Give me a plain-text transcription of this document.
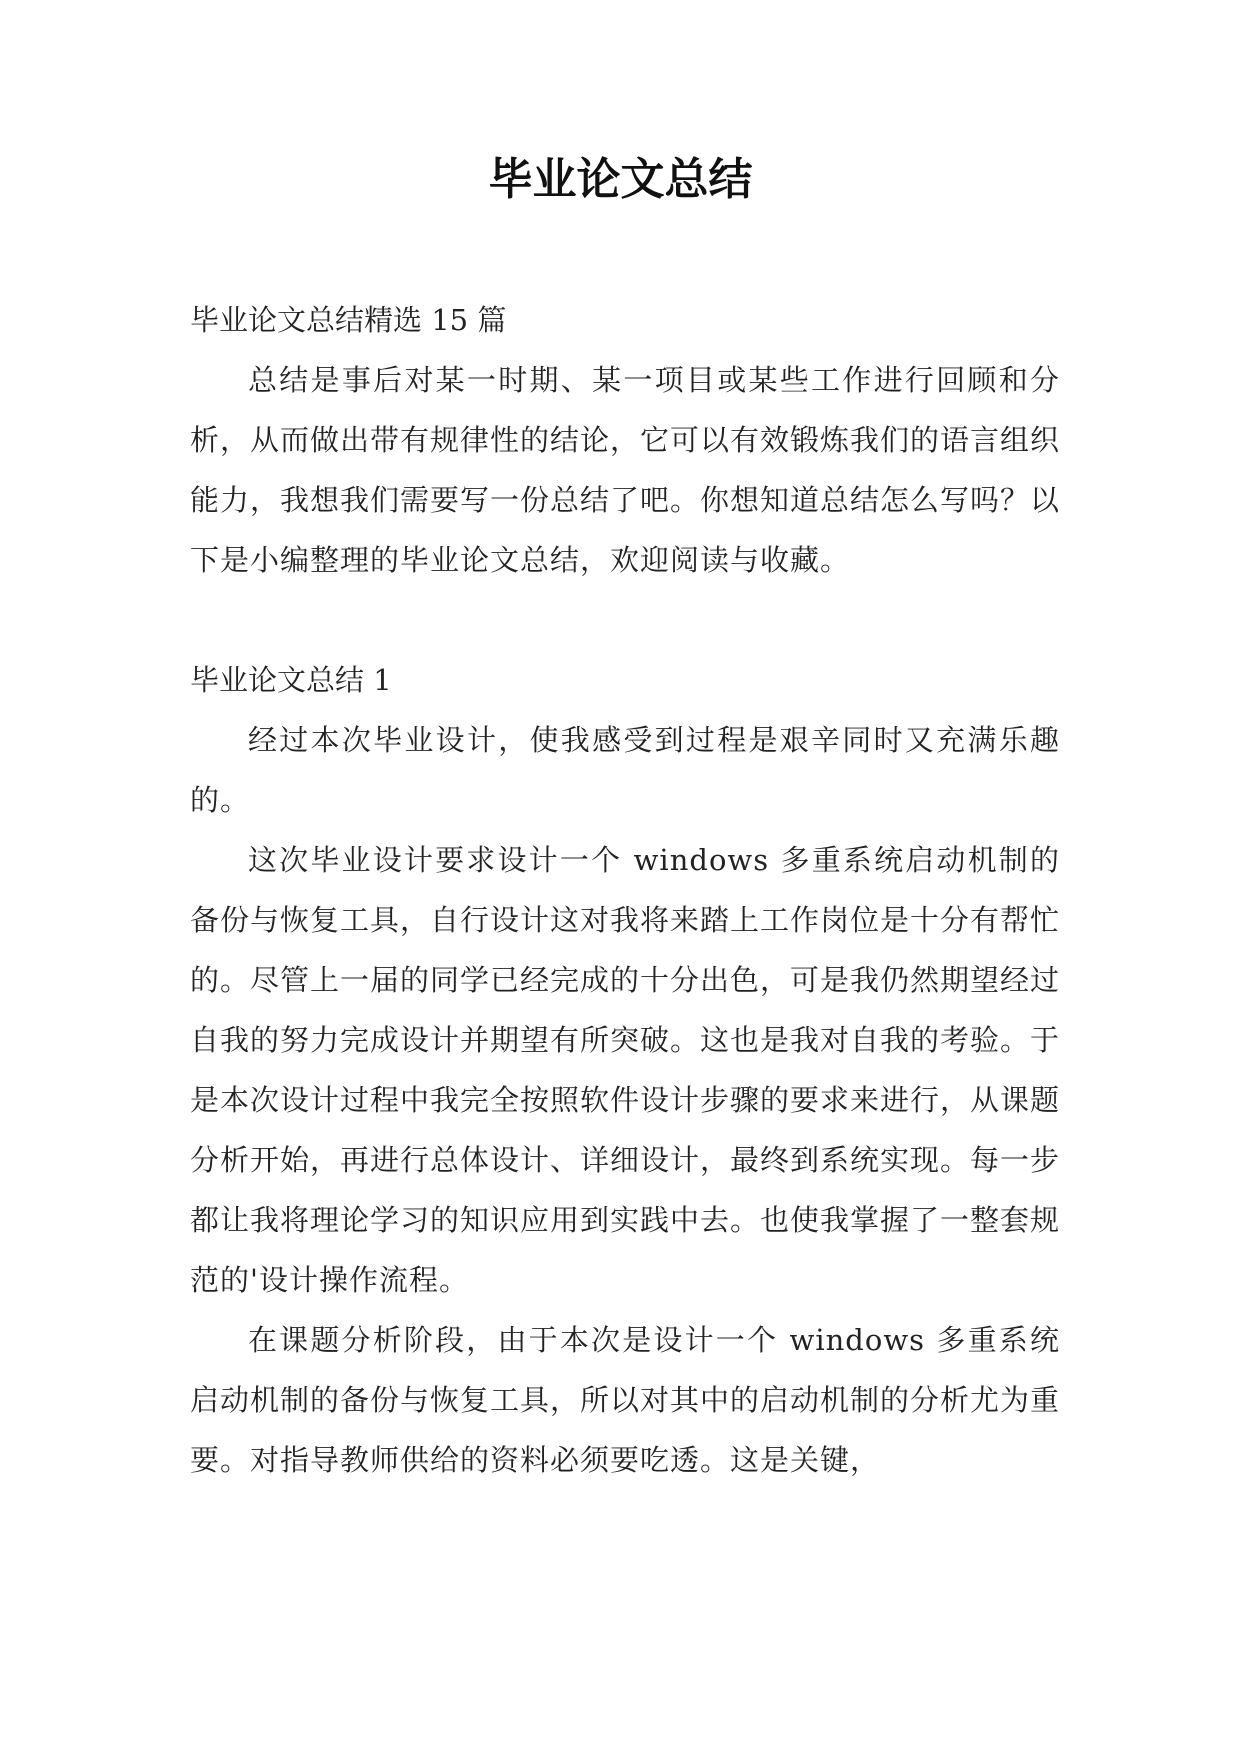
毕业论文总结

毕业论文总结精选 15 篇

总结是事后对某一时期、某一项目或某些工作进行回顾和分析，从而做出带有规律性的结论，它可以有效锻炼我们的语言组织能力，我想我们需要写一份总结了吧。你想知道总结怎么写吗？以下是小编整理的毕业论文总结，欢迎阅读与收藏。

毕业论文总结 1

经过本次毕业设计，使我感受到过程是艰辛同时又充满乐趣的。

这次毕业设计要求设计一个 windows 多重系统启动机制的备份与恢复工具，自行设计这对我将来踏上工作岗位是十分有帮忙的。尽管上一届的同学已经完成的十分出色，可是我仍然期望经过自我的努力完成设计并期望有所突破。这也是我对自我的考验。于是本次设计过程中我完全按照软件设计步骤的要求来进行，从课题分析开始，再进行总体设计、详细设计，最终到系统实现。每一步都让我将理论学习的知识应用到实践中去。也使我掌握了一整套规范的'设计操作流程。

在课题分析阶段，由于本次是设计一个 windows 多重系统启动机制的备份与恢复工具，所以对其中的启动机制的分析尤为重要。对指导教师供给的资料必须要吃透。这是关键，
